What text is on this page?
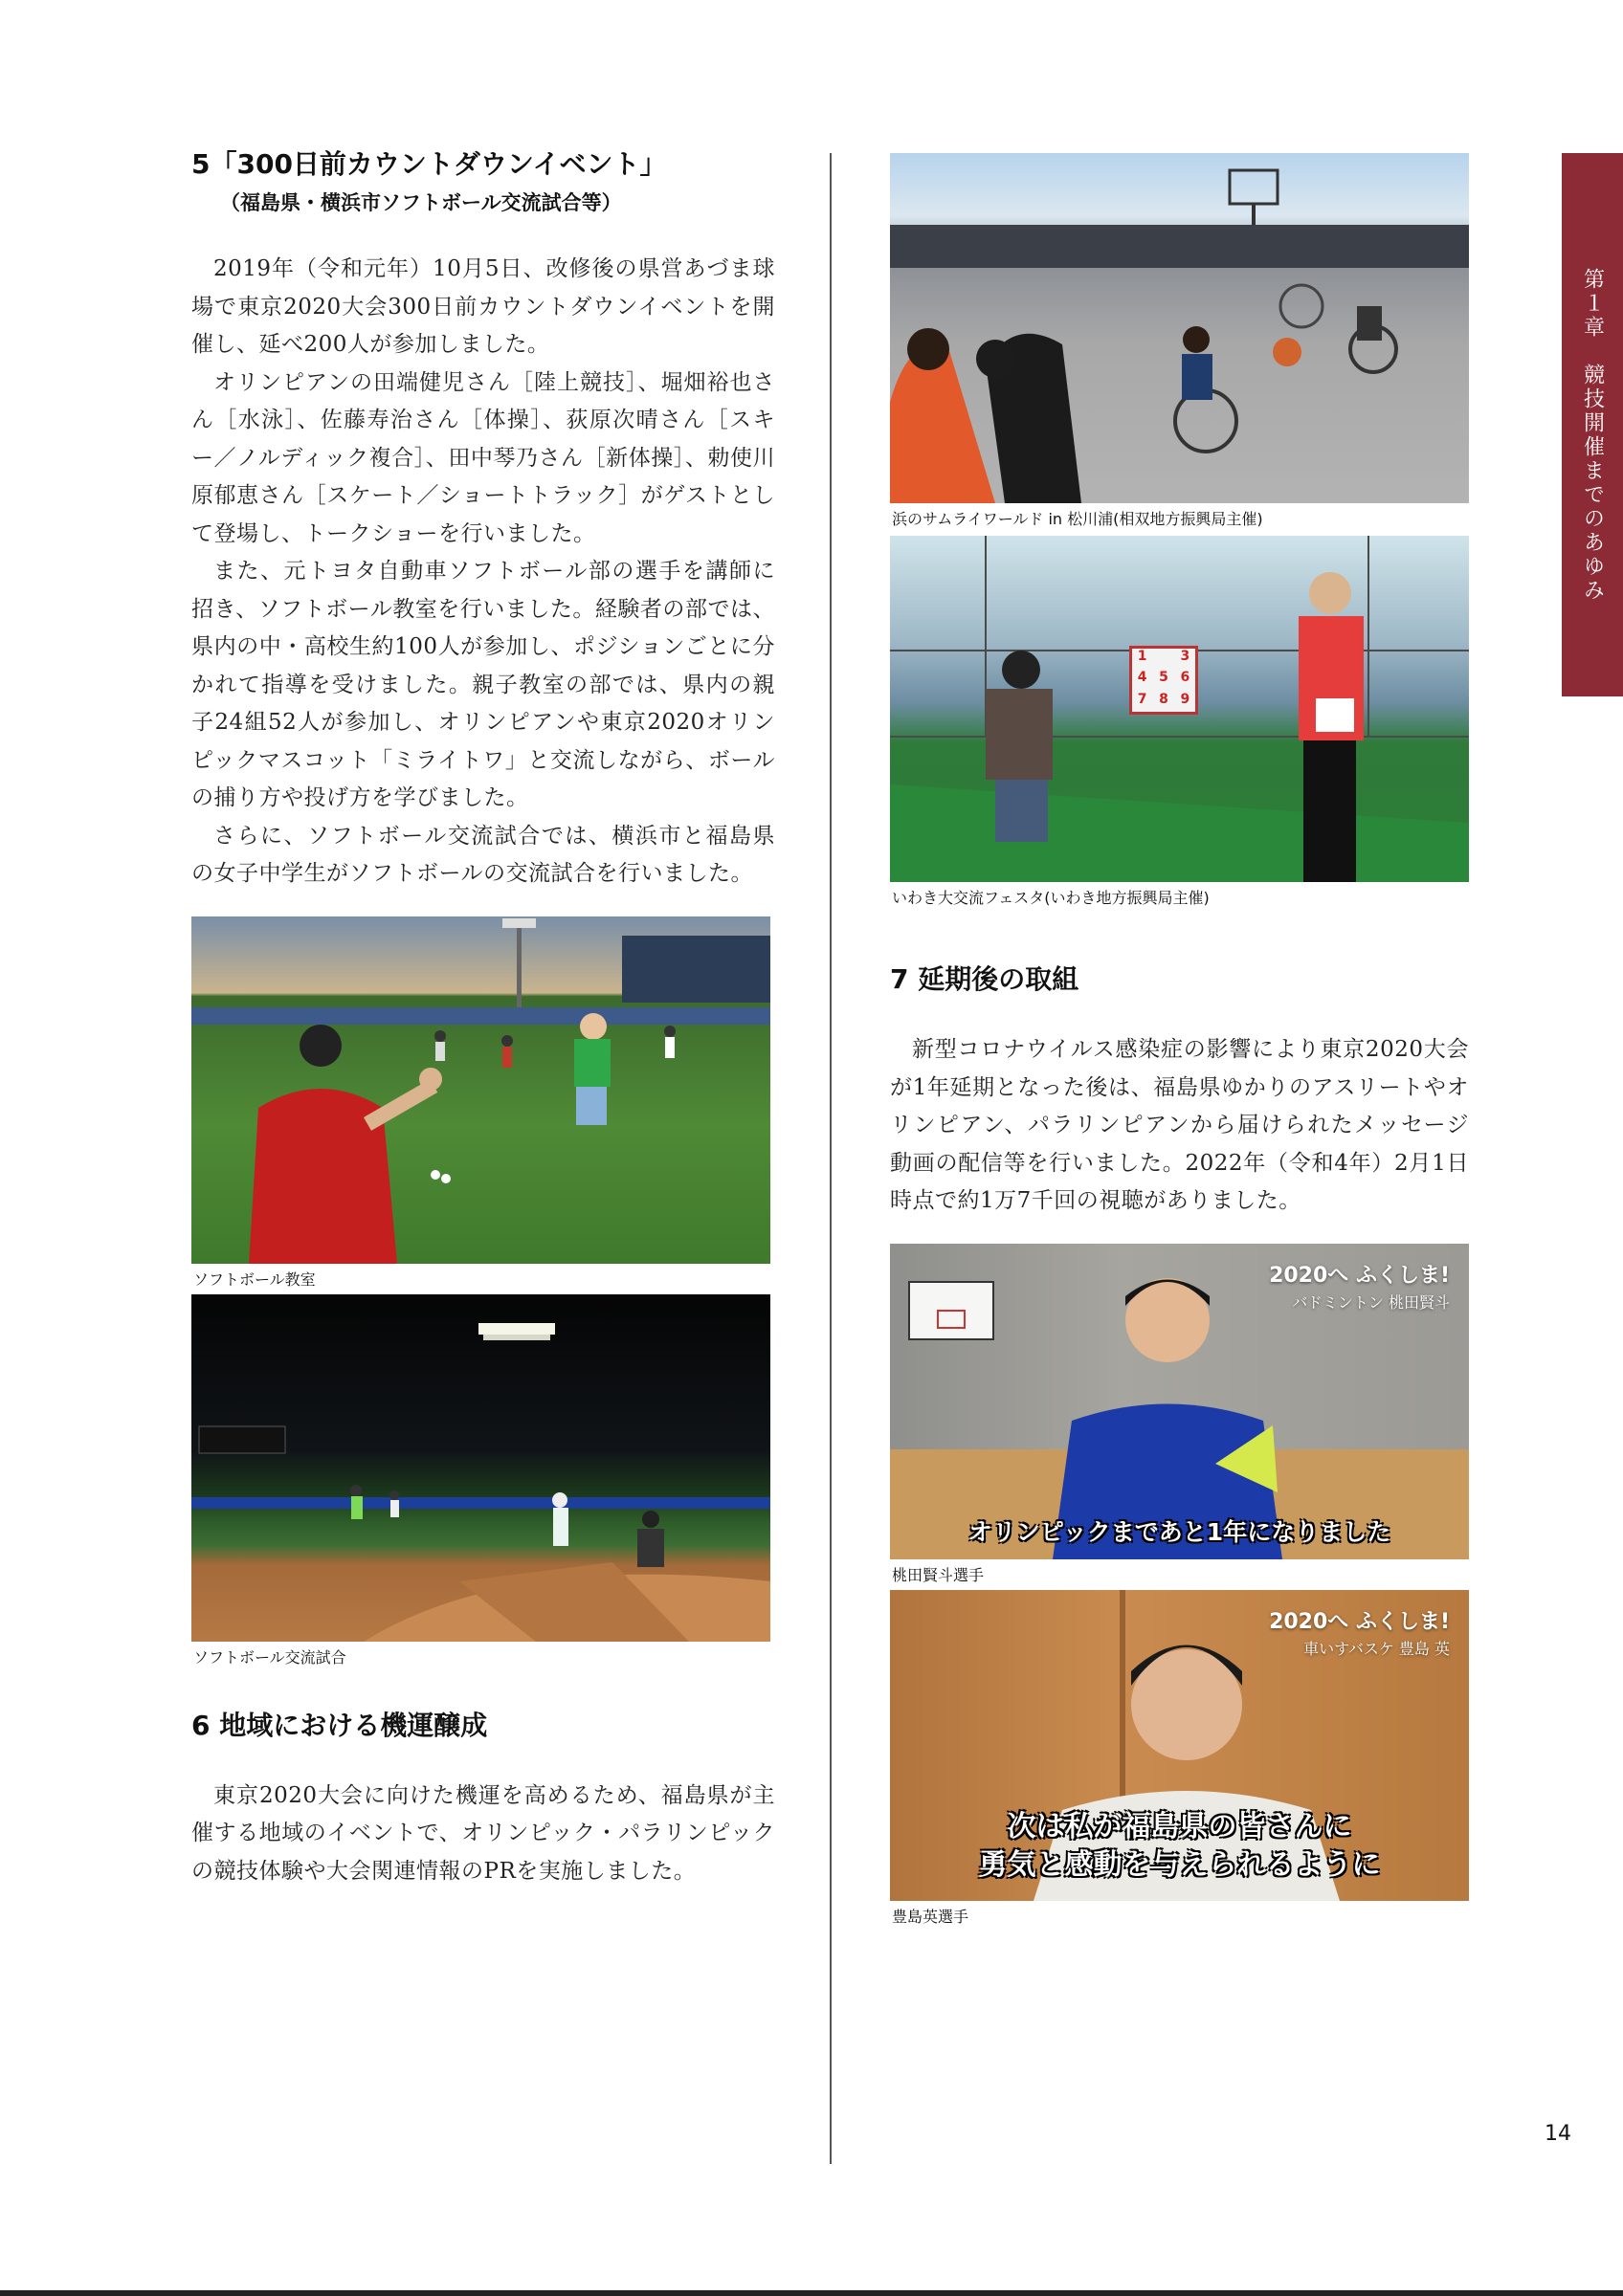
5「300日前カウントダウンイベント」
（福島県・横浜市ソフトボール交流試合等）

2019年（令和元年）10月5日、改修後の県営あづま球場で東京2020大会300日前カウントダウンイベントを開催し、延べ200人が参加しました。

オリンピアンの田端健児さん［陸上競技］、堀畑裕也さん［水泳］、佐藤寿治さん［体操］、荻原次晴さん［スキー／ノルディック複合］、田中琴乃さん［新体操］、勅使川原郁恵さん［スケート／ショートトラック］がゲストとして登場し、トークショーを行いました。

また、元トヨタ自動車ソフトボール部の選手を講師に招き、ソフトボール教室を行いました。経験者の部では、県内の中・高校生約100人が参加し、ポジションごとに分かれて指導を受けました。親子教室の部では、県内の親子24組52人が参加し、オリンピアンや東京2020オリンピックマスコット「ミライトワ」と交流しながら、ボールの捕り方や投げ方を学びました。

さらに、ソフトボール交流試合では、横浜市と福島県の女子中学生がソフトボールの交流試合を行いました。

ソフトボール教室
ソフトボール交流試合
6 地域における機運醸成

東京2020大会に向けた機運を高めるため、福島県が主催する地域のイベントで、オリンピック・パラリンピックの競技体験や大会関連情報のPRを実施しました。

浜のサムライワールド in 松川浦(相双地方振興局主催)
1	3
4 5 6
7 8 9
いわき大交流フェスタ(いわき地方振興局主催)
7 延期後の取組

新型コロナウイルス感染症の影響により東京2020大会が1年延期となった後は、福島県ゆかりのアスリートやオリンピアン、パラリンピアンから届けられたメッセージ動画の配信等を行いました。2022年（令和4年）2月1日時点で約1万7千回の視聴がありました。

2020へ ふくしま!
バドミントン 桃田賢斗
オリンピックまであと1年になりました
桃田賢斗選手
2020へ ふくしま!
車いすバスケ 豊島 英
次は私が福島県の皆さんに
勇気と感動を与えられるように
豊島英選手
第１章　競技開催までのあゆみ
14
